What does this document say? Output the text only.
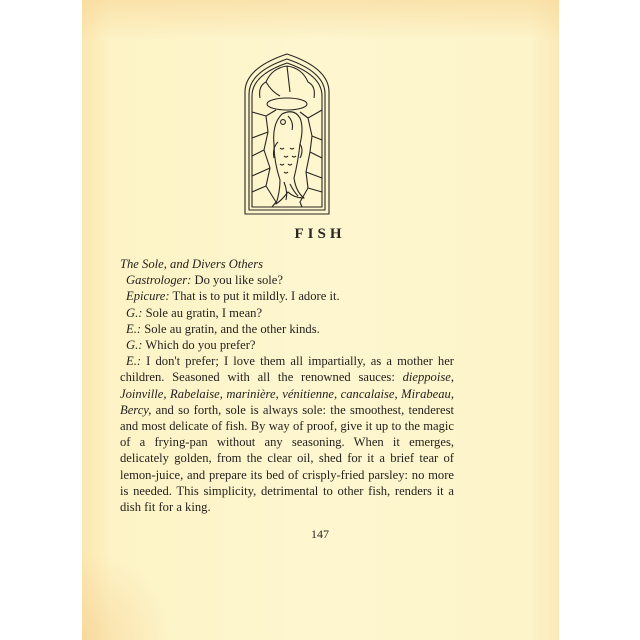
FISH

The Sole, and Divers Others

Gastrologer: Do you like sole?

Epicure: That is to put it mildly. I adore it.

G.: Sole au gratin, I mean?

E.: Sole au gratin, and the other kinds.

G.: Which do you prefer?

E.: I don't prefer; I love them all impartially, as a mother her children. Seasoned with all the renowned sauces: dieppoise, Joinville, Rabelaise, marinière, vénitienne, cancalaise, Mirabeau, Bercy, and so forth, sole is always sole: the smoothest, tenderest and most delicate of fish. By way of proof, give it up to the magic of a frying-pan without any seasoning. When it emerges, delicately golden, from the clear oil, shed for it a brief tear of lemon-juice, and prepare its bed of crisply-fried parsley: no more is needed. This simplicity, detrimental to other fish, renders it a dish fit for a king.

147
